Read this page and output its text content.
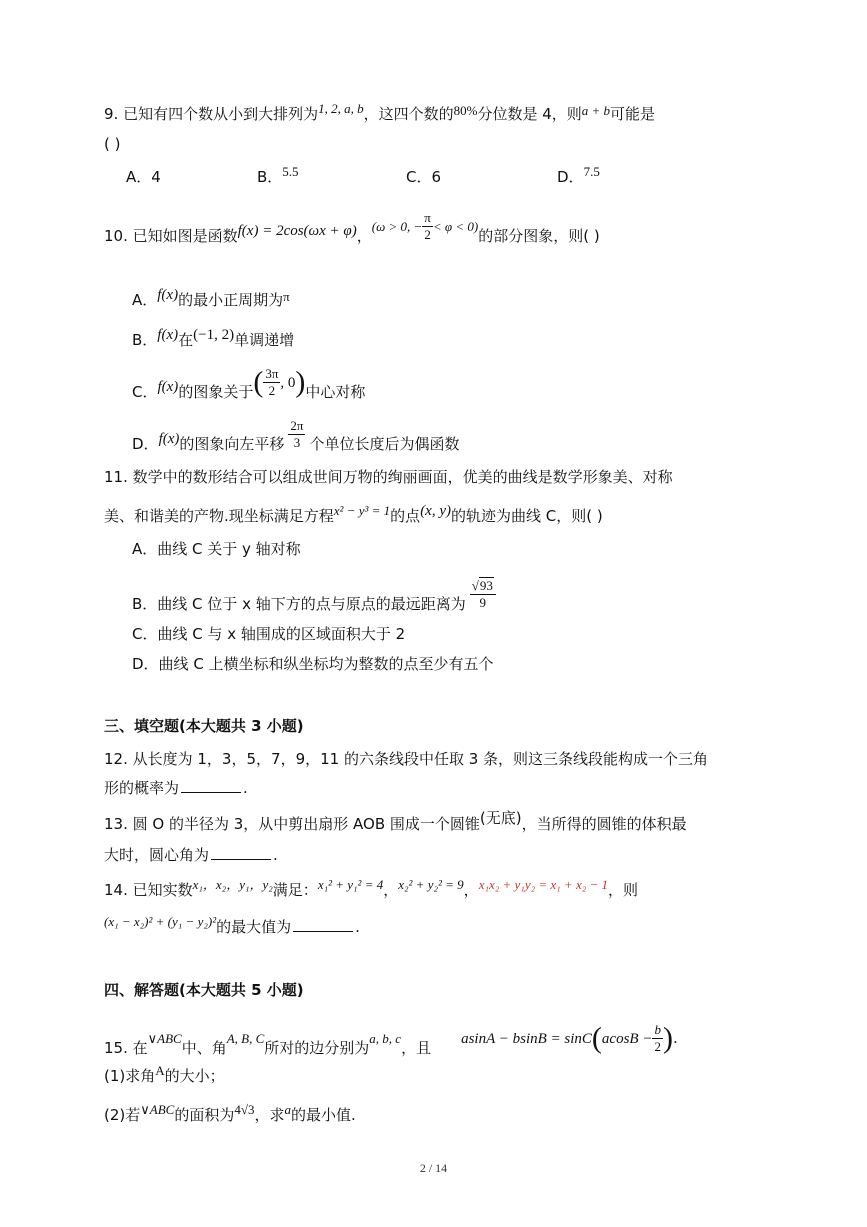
9. 已知有四个数从小到大排列为1, 2, a, b，这四个数的80%分位数是 4，则a + b可能是
( )
A．4	B．5.5	C．6	D．7.5
10. 已知如图是函数f(x) = 2cos(ωx + φ)，(ω > 0, − $\frac{\pi}{2} < \varphi < 0$)的部分图象，则( )
A．f(x)的最小正周期为π
B．f(x)在(−1, 2)单调递增
C．f(x)的图象关于( $\frac{3\pi}{2}$ , 0)中心对称
D．f(x)的图象向左平移 $\frac{2\pi}{3}$ 个单位长度后为偶函数
11. 数学中的数形结合可以组成世间万物的绚丽画面，优美的曲线是数学形象美、对称
美、和谐美的产物.现坐标满足方程x² − y³ = 1的点(x, y)的轨迹为曲线 C，则( )
A．曲线 C 关于 y 轴对称
B．曲线 C 位于 x 轴下方的点与原点的最远距离为 $\frac{√93}{9}$
C．曲线 C 与 x 轴围成的区域面积大于 2
D．曲线 C 上横坐标和纵坐标均为整数的点至少有五个
三、填空题(本大题共 3 小题)
12. 从长度为 1，3，5，7，9，11 的六条线段中任取 3 条，则这三条线段能构成一个三角
形的概率为	.
13. 圆 O 的半径为 3，从中剪出扇形 AOB 围成一个圆锥(无底)，当所得的圆锥的体积最
大时，圆心角为	.
14. 已知实数x₁，x₂，y₁，y₂满足：x₁² + y₁² = 4，x₂² + y₂² = 9，x₁x₂ + y₁y₂ = x₁ + x₂ − 1，则
(x₁ − x₂)² + (y₁ − y₂)²的最大值为	.
四、解答题(本大题共 5 小题)
15. 在∨ABC中、角A, B, C所对的边分别为a, b, c，且 $asinA - bsinB = \sin C(acosB - \frac{b}{2}$ ).
(1)求角A的大小；
(2)若∨ABC的面积为4√3，求a的最小值.
2 / 14
